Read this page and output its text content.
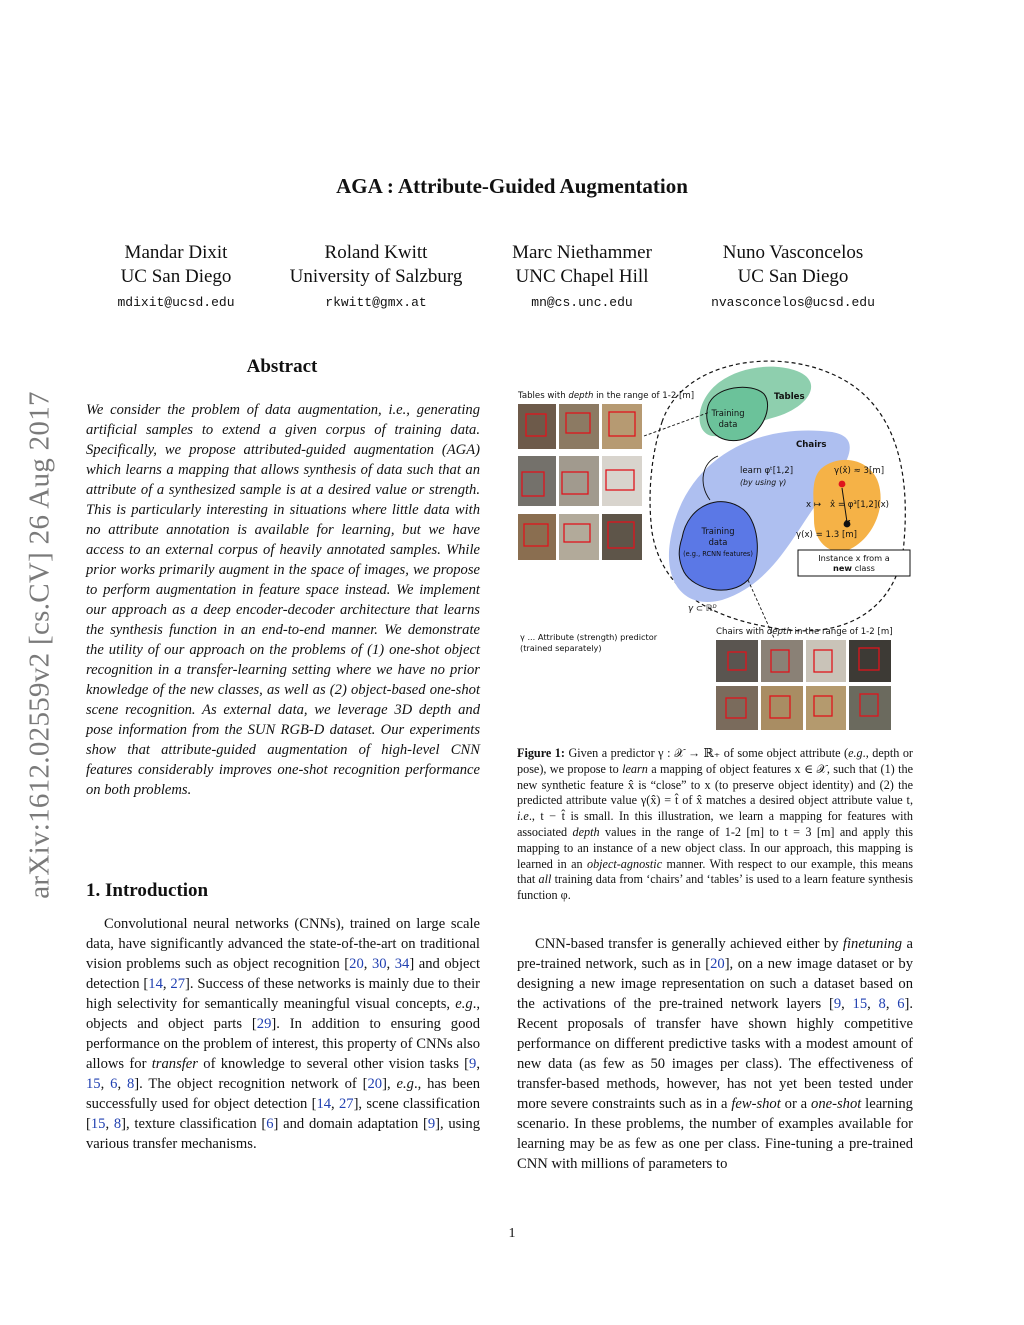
arXiv:1612.02559v2 [cs.CV] 26 Aug 2017
AGA : Attribute-Guided Augmentation
Mandar Dixit
UC San Diego
mdixit@ucsd.edu
Roland Kwitt
University of Salzburg
rkwitt@gmx.at
Marc Niethammer
UNC Chapel Hill
mn@cs.unc.edu
Nuno Vasconcelos
UC San Diego
nvasconcelos@ucsd.edu
Abstract
We consider the problem of data augmentation, i.e., generating artificial samples to extend a given corpus of training data. Specifically, we propose attributed-guided augmentation (AGA) which learns a mapping that allows synthesis of data such that an attribute of a synthesized sample is at a desired value or strength. This is particularly interesting in situations where little data with no attribute annotation is available for learning, but we have access to an external corpus of heavily annotated samples. While prior works primarily augment in the space of images, we propose to perform augmentation in feature space instead. We implement our approach as a deep encoder-decoder architecture that learns the synthesis function in an end-to-end manner. We demonstrate the utility of our approach on the problems of (1) one-shot object recognition in a transfer-learning setting where we have no prior knowledge of the new classes, as well as (2) object-based one-shot scene recognition. As external data, we leverage 3D depth and pose information from the SUN RGB-D dataset. Our experiments show that attribute-guided augmentation of high-level CNN features considerably improves one-shot recognition performance on both problems.
1. Introduction

Convolutional neural networks (CNNs), trained on large scale data, have significantly advanced the state-of-the-art on traditional vision problems such as object recognition [20, 30, 34] and object detection [14, 27]. Success of these networks is mainly due to their high selectivity for semantically meaningful visual concepts, e.g., objects and object parts [29]. In addition to ensuring good performance on the problem of interest, this property of CNNs also allows for transfer of knowledge to several other vision tasks [9, 15, 6, 8]. The object recognition network of [20], e.g., has been successfully used for object detection [14, 27], scene classification [15, 8], texture classification [6] and domain adaptation [9], using various transfer mechanisms.

Tables with depth in the range of 1-2 [m]
Chairs with depth in the range of 1-2 [m]
Tables
Chairs
Training
data
Training
data
(e.g., RCNN features)
learn φᵗ[1,2]
(by using γ)
γ(x̂) ≈ 3[m]
x ↦ x̂ = φ³[1,2](x)
x
γ(x) = 1.3 [m]
Instance x from a
new class
γ ⊂ ℝᴰ
γ ... Attribute (strength) predictor
(trained separately)
Figure 1: Given a predictor γ : 𝒳 → ℝ₊ of some object attribute (e.g., depth or pose), we propose to learn a mapping of object features x ∈ 𝒳, such that (1) the new synthetic feature x̂ is “close” to x (to preserve object identity) and (2) the predicted attribute value γ(x̂) = t̂ of x̂ matches a desired object attribute value t, i.e., t − t̂ is small. In this illustration, we learn a mapping for features with associated depth values in the range of 1-2 [m] to t = 3 [m] and apply this mapping to an instance of a new object class. In our approach, this mapping is learned in an object-agnostic manner. With respect to our example, this means that all training data from ‘chairs’ and ‘tables’ is used to a learn feature synthesis function φ.

CNN-based transfer is generally achieved either by finetuning a pre-trained network, such as in [20], on a new image dataset or by designing a new image representation on such a dataset based on the activations of the pre-trained network layers [9, 15, 8, 6]. Recent proposals of transfer have shown highly competitive performance on different predictive tasks with a modest amount of new data (as few as 50 images per class). The effectiveness of transfer-based methods, however, has not yet been tested under more severe constraints such as in a few-shot or a one-shot learning scenario. In these problems, the number of examples available for learning may be as few as one per class. Fine-tuning a pre-trained CNN with millions of parameters to

1
